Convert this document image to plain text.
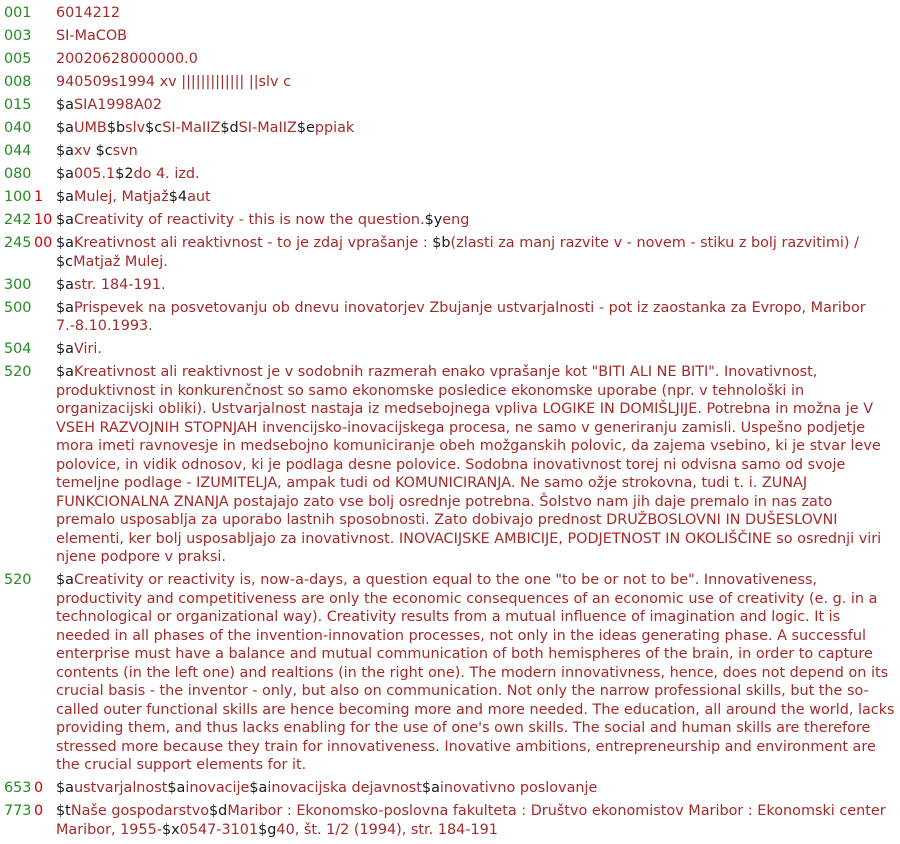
001 6014212
003 SI-MaCOB
005 20020628000000.0
008 940509s1994 xv ||||||||||||| ||slv c
015 $aSIA1998A02
040 $aUMB$bslv$cSI-MaIIZ$dSI-MaIIZ$eppiak
044 $axv $csvn
080 $a005.1$2do 4. izd.
100 1 $aMulej, Matjaž$4aut
242 10 $aCreativity of reactivity - this is now the question.$yeng
245 00 $aKreativnost ali reaktivnost - to je zdaj vprašanje : $b(zlasti za manj razvite v - novem - stiku z bolj razvitimi) / $cMatjaž Mulej.
300 $astr. 184-191.
500 $aPrispevek na posvetovanju ob dnevu inovatorjev Zbujanje ustvarjalnosti - pot iz zaostanka za Evropo, Maribor 7.-8.10.1993.
504 $aViri.
520 $aKreativnost ali reaktivnost je v sodobnih razmerah enako vprašanje kot "BITI ALI NE BITI". Inovativnost, produktivnost in konkurenčnost so samo ekonomske posledice ekonomske uporabe (npr. v tehnološki in organizacijski obliki). Ustvarjalnost nastaja iz medsebojnega vpliva LOGIKE IN DOMIŠLJIJE. Potrebna in možna je V VSEH RAZVOJNIH STOPNJAH invencijsko-inovacijskega procesa, ne samo v generiranju zamisli. Uspešno podjetje mora imeti ravnovesje in medsebojno komuniciranje obeh možganskih polovic, da zajema vsebino, ki je stvar leve polovice, in vidik odnosov, ki je podlaga desne polovice. Sodobna inovativnost torej ni odvisna samo od svoje temeljne podlage - IZUMITELJA, ampak tudi od KOMUNICIRANJA. Ne samo ožje strokovna, tudi t. i. ZUNAJ FUNKCIONALNA ZNANJA postajajo zato vse bolj osrednje potrebna. Šolstvo nam jih daje premalo in nas zato premalo usposablja za uporabo lastnih sposobnosti. Zato dobivajo prednost DRUŽBOSLOVNI IN DUŠESLOVNI elementi, ker bolj usposabljajo za inovativnost. INOVACIJSKE AMBICIJE, PODJETNOST IN OKOLIŠČINE so osrednji viri njene podpore v praksi.
520 $aCreativity or reactivity is, now-a-days, a question equal to the one "to be or not to be". Innovativeness, productivity and competitiveness are only the economic consequences of an economic use of creativity (e. g. in a technological or organizational way). Creativity results from a mutual influence of imagination and logic. It is needed in all phases of the invention-innovation processes, not only in the ideas generating phase. A successful enterprise must have a balance and mutual communication of both hemispheres of the brain, in order to capture contents (in the left one) and realtions (in the right one). The modern innovativness, hence, does not depend on its crucial basis - the inventor - only, but also on communication. Not only the narrow professional skills, but the so-called outer functional skills are hence becoming more and more needed. The education, all around the world, lacks providing them, and thus lacks enabling for the use of one's own skills. The social and human skills are therefore stressed more because they train for innovativeness. Inovative ambitions, entrepreneurship and environment are the crucial support elements for it.
653 0 $austvarjalnost$ainovacije$ainovacijska dejavnost$ainovativno poslovanje
773 0 $tNaše gospodarstvo$dMaribor : Ekonomsko-poslovna fakulteta : Društvo ekonomistov Maribor : Ekonomski center Maribor, 1955-$x0547-3101$g40, št. 1/2 (1994), str. 184-191
